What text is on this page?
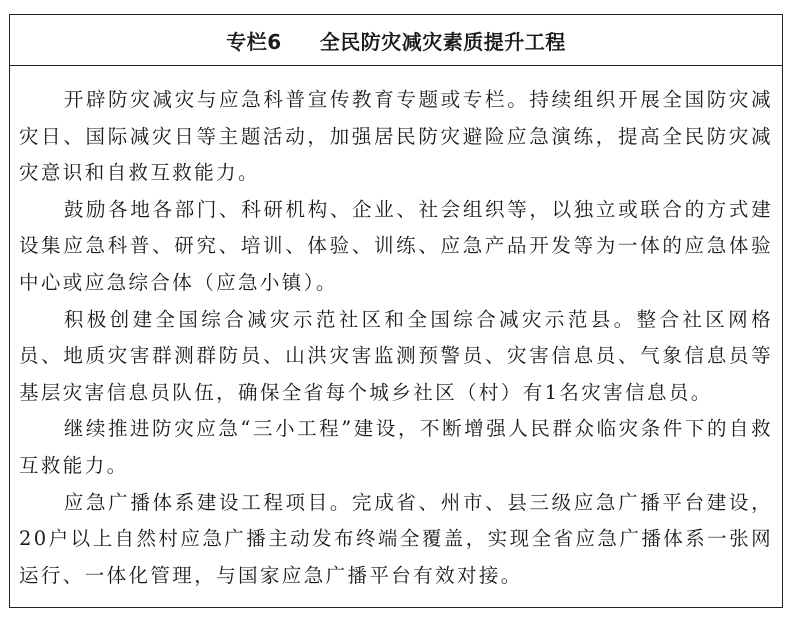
专栏6 全民防灾减灾素质提升工程

开辟防灾减灾与应急科普宣传教育专题或专栏。持续组织开展全国防灾减灾日、国际减灾日等主题活动，加强居民防灾避险应急演练，提高全民防灾减灾意识和自救互救能力。

鼓励各地各部门、科研机构、企业、社会组织等，以独立或联合的方式建设集应急科普、研究、培训、体验、训练、应急产品开发等为一体的应急体验中心或应急综合体（应急小镇）。

积极创建全国综合减灾示范社区和全国综合减灾示范县。整合社区网格员、地质灾害群测群防员、山洪灾害监测预警员、灾害信息员、气象信息员等基层灾害信息员队伍，确保全省每个城乡社区（村）有1名灾害信息员。

继续推进防灾应急“三小工程”建设，不断增强人民群众临灾条件下的自救互救能力。

应急广播体系建设工程项目。完成省、州市、县三级应急广播平台建设，20户以上自然村应急广播主动发布终端全覆盖，实现全省应急广播体系一张网运行、一体化管理，与国家应急广播平台有效对接。
